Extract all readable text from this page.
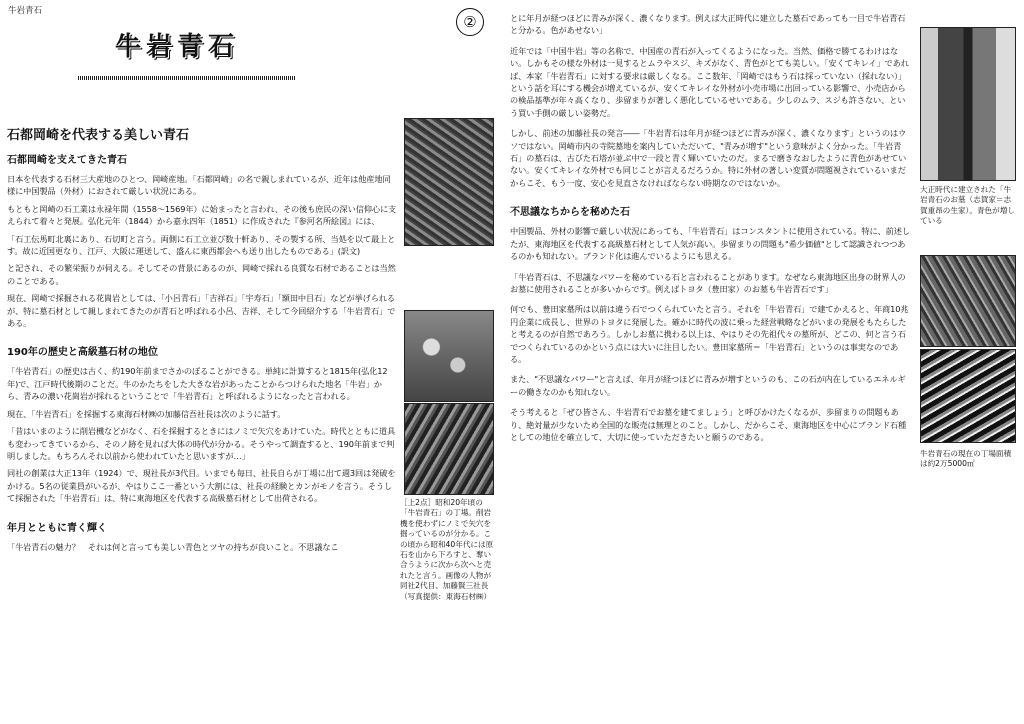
牛岩青石
牛岩青石
②

石都岡崎を代表する美しい青石

石都岡崎を支えてきた青石

日本を代表する石材三大産地のひとつ、岡崎産地。「石都岡崎」の名で親しまれているが、近年は他産地同様に中国製品（外材）におされて厳しい状況にある。

もともと岡崎の石工業は永禄年間（1558～1569年）に始まったと言われ、その後も庶民の深い信仰心に支えられて着々と発展。弘化元年（1844）から嘉永四年（1851）に作成された『参河名所絵図』には、

「石工伝馬町北裏にあり、石切町と言う。両側に石工立並び数十軒あり、その製する所、当処を以て最上とす。故に近国更なり、江戸、大阪に運送して、盛んに東西都会へも送り出したものである」(訳文)

と記され、その繁栄振りが伺える。そしてその背景にあるのが、岡崎で採れる良質な石材であることは当然のことである。

現在、岡崎で採掘される花崗岩としては、「小呂青石」「吉祥石」「宇寿石」「額田中目石」などが挙げられるが、特に墓石材として親しまれてきたのが青石と呼ばれる小呂、吉祥、そして今回紹介する「牛岩青石」である。

190年の歴史と高級墓石材の地位

「牛岩青石」の歴史は古く、約190年前までさかのぼることができる。単純に計算すると1815年(弘化12年)で、江戸時代後期のことだ。牛のかたちをした大きな岩があったことからつけられた地名「牛岩」から、青みの濃い花崗岩が採れるということで「牛岩青石」と呼ばれるようになったと言われる。

現在、「牛岩青石」を採掘する東海石材㈱の加藤信吾社長は次のように話す。

「昔はいまのように削岩機などがなく、石を採掘するときにはノミで矢穴をあけていた。時代とともに道具も変わってきているから、そのノ跡を見れば大体の時代が分かる。そうやって調査すると、190年前まで判明しました。もちろんそれ以前から使われていたと思いますが…」

同社の創業は大正13年（1924）で、現社長が3代目。いまでも毎日、社長自らが丁場に出て週3回は発破をかける。5名の従業員がいるが、やはりここ一番という大割には、社長の経験とカンがモノを言う。そうして採掘された「牛岩青石」は、特に東海地区を代表する高級墓石材として出荷される。

年月とともに青く輝く

「牛岩青石の魅力？　それは何と言っても美しい青色とツヤの持ちが良いこと。不思議なこ

［上2点］昭和20年頃の「牛岩青石」の丁場。削岩機を使わずにノミで矢穴を掘っているのが分かる。この頃から昭和40年代には原石を山から下ろすと、奪い合うように次から次へと売れたと言う。画像の人物が同社2代目、加藤賢三社長（写真提供：東海石材㈱）

とに年月が経つほどに青みが深く、濃くなります。例えば大正時代に建立した墓石であっても一目で牛岩青石と分かる。色があせない」

近年では「中国牛岩」等の名称で、中国産の青石が入ってくるようになった。当然、価格で勝てるわけはない。しかもその様な外材は一見するとムラやスジ、キズがなく、青色がとても美しい。「安くてキレイ」であれば、本家「牛岩青石」に対する要求は厳しくなる。ここ数年、「岡崎ではもう石は採っていない（採れない）」という話を耳にする機会が増えているが、安くてキレイな外材が小売市場に出回っている影響で、小売店からの検品基準が年々高くなり、歩留まりが著しく悪化しているせいである。少しのムラ、スジも許さない、という買い手側の厳しい姿勢だ。

しかし、前述の加藤社長の発言――「牛岩青石は年月が経つほどに青みが深く、濃くなります」というのはウソではない。岡崎市内の寺院墓地を案内していただいて、"青みが増す"という意味がよく分かった。「牛岩青石」の墓石は、古びた石塔が並ぶ中で一段と青く輝いていたのだ。まるで磨きなおしたように青色があせていない。安くてキレイな外材でも同じことが言えるだろうか。特に外材の著しい変質が問題視されているいまだからこそ、もう一度、安心を見直さなければならない時期なのではないか。

不思議なちからを秘めた石

中国製品、外材の影響で厳しい状況にあっても、「牛岩青石」はコンスタントに使用されている。特に、前述したが、東海地区を代表する高級墓石材として人気が高い。歩留まりの問題も"希少価値"として認識されつつあるのかも知れない。ブランド化は進んでいるようにも思える。

「牛岩青石は、不思議なパワーを秘めている石と言われることがあります。なぜなら東海地区出身の財界人のお墓に使用されることが多いからです。例えばトヨタ（豊田家）のお墓も牛岩青石です」

何でも、豊田家墓所は以前は違う石でつくられていたと言う。それを「牛岩青石」で建てかえると、年商10兆円企業に成長し、世界のトヨタに発展した。確かに時代の波に乗った経営戦略などがいまの発展をもたらしたと考えるのが自然であろう。しかしお墓に携わる以上は、やはりその先祖代々の墓所が、どこの、何と言う石でつくられているのかという点には大いに注目したい。豊田家墓所＝「牛岩青石」というのは事実なのである。

また、"不思議なパワー"と言えば、年月が経つほどに青みが増すというのも、この石が内在しているエネルギーの働きなのかも知れない。

そう考えると「ぜひ皆さん、牛岩青石でお墓を建てましょう」と呼びかけたくなるが、歩留まりの問題もあり、絶対量が少ないため全国的な販売は無理とのこと。しかし、だからこそ、東海地区を中心にブランド石種としての地位を確立して、大切に使っていただきたいと願うのである。

大正時代に建立された「牛岩青石のお墓（志賀家＝志賀重昂の生家）。青色が増している
牛岩青石の現在の丁場面積は約2万5000㎡
